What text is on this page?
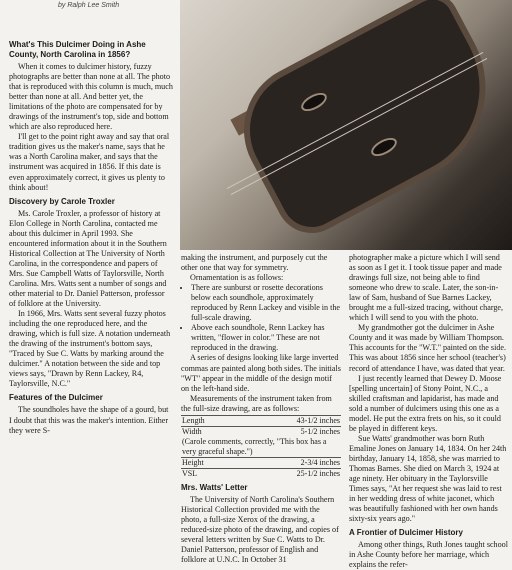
by Ralph Lee Smith
What's This Dulcimer Doing in Ashe County, North Carolina in 1856?

When it comes to dulcimer history, fuzzy photographs are better than none at all. The photo that is reproduced with this column is much, much better than none at all. And better yet, the limitations of the photo are compensated for by drawings of the instrument's top, side and bottom which are also reproduced here.

I'll get to the point right away and say that oral tradition gives us the maker's name, says that he was a North Carolina maker, and says that the instrument was acquired in 1856. If this date is even approximately correct, it gives us plenty to think about!

Discovery by Carole Troxler

Ms. Carole Troxler, a professor of history at Elon College in North Carolina, contacted me about this dulcimer in April 1993. She encountered information about it in the Southern Historical Collection at The University of North Carolina, in the correspondence and papers of Mrs. Sue Campbell Watts of Taylorsville, North Carolina. Mrs. Watts sent a number of songs and other material to Dr. Daniel Patterson, professor of folklore at the University.

In 1966, Mrs. Watts sent several fuzzy photos including the one reproduced here, and the drawing, which is full size. A notation underneath the drawing of the instrument's bottom says, "Traced by Sue C. Watts by marking around the dulcimer." A notation between the side and top views says, "Drawn by Renn Lackey, R4, Taylorsville, N.C."

Features of the Dulcimer

The soundholes have the shape of a gourd, but I doubt that this was the maker's intention. Either they were S-

making the instrument, and purposely cut the other one that way for symmetry.

Ornamentation is as follows:

• There are sunburst or rosette decorations below each soundhole, approximately reproduced by Renn Lackey and visible in the full-scale drawing.
• Above each soundhole, Renn Lackey has written, "flower in color." These are not reproduced in the drawing.

A series of designs looking like large inverted commas are painted along both sides. The initials "WT" appear in the middle of the design motif on the left-hand side.

Measurements of the instrument taken from the full-size drawing, are as follows:

Length	43-1/2 inches
Width	5-1/2 inches
(Carole comments, correctly, "This box has a very graceful shape.")	
Height	2-3/4 inches
VSL	25-1/2 inches
Mrs. Watts' Letter

The University of North Carolina's Southern Historical Collection provided me with the photo, a full-size Xerox of the drawing, a reduced-size photo of the drawing, and copies of several letters written by Sue C. Watts to Dr. Daniel Patterson, professor of English and folklore at U.N.C. In October 31

photographer make a picture which I will send as soon as I get it. I took tissue paper and made drawings full size, not being able to find someone who drew to scale. Later, the son-in-law of Sam, husband of Sue Barnes Lackey, brought me a full-sized tracing, without charge, which I will send to you with the photo.

My grandmother got the dulcimer in Ashe County and it was made by William Thompson. This accounts for the "W.T." painted on the side. This was about 1856 since her school (teacher's) record of attendance I have, was dated that year.

I just recently learned that Dewey D. Moose [spelling uncertain] of Stony Point, N.C., a skilled craftsman and lapidarist, has made and sold a number of dulcimers using this one as a model. He put the extra frets on his, so it could be played in different keys.

Sue Watts' grandmother was born Ruth Emaline Jones on January 14, 1834. On her 24th birthday, January 14, 1858, she was married to Thomas Barnes. She died on March 3, 1924 at age ninety. Her obituary in the Taylorsville Times says, "At her request she was laid to rest in her wedding dress of white jaconet, which was beautifully fashioned with her own hands sixty-six years ago."

A Frontier of Dulcimer History

Among other things, Ruth Jones taught school in Ashe County before her marriage, which explains the refer-
